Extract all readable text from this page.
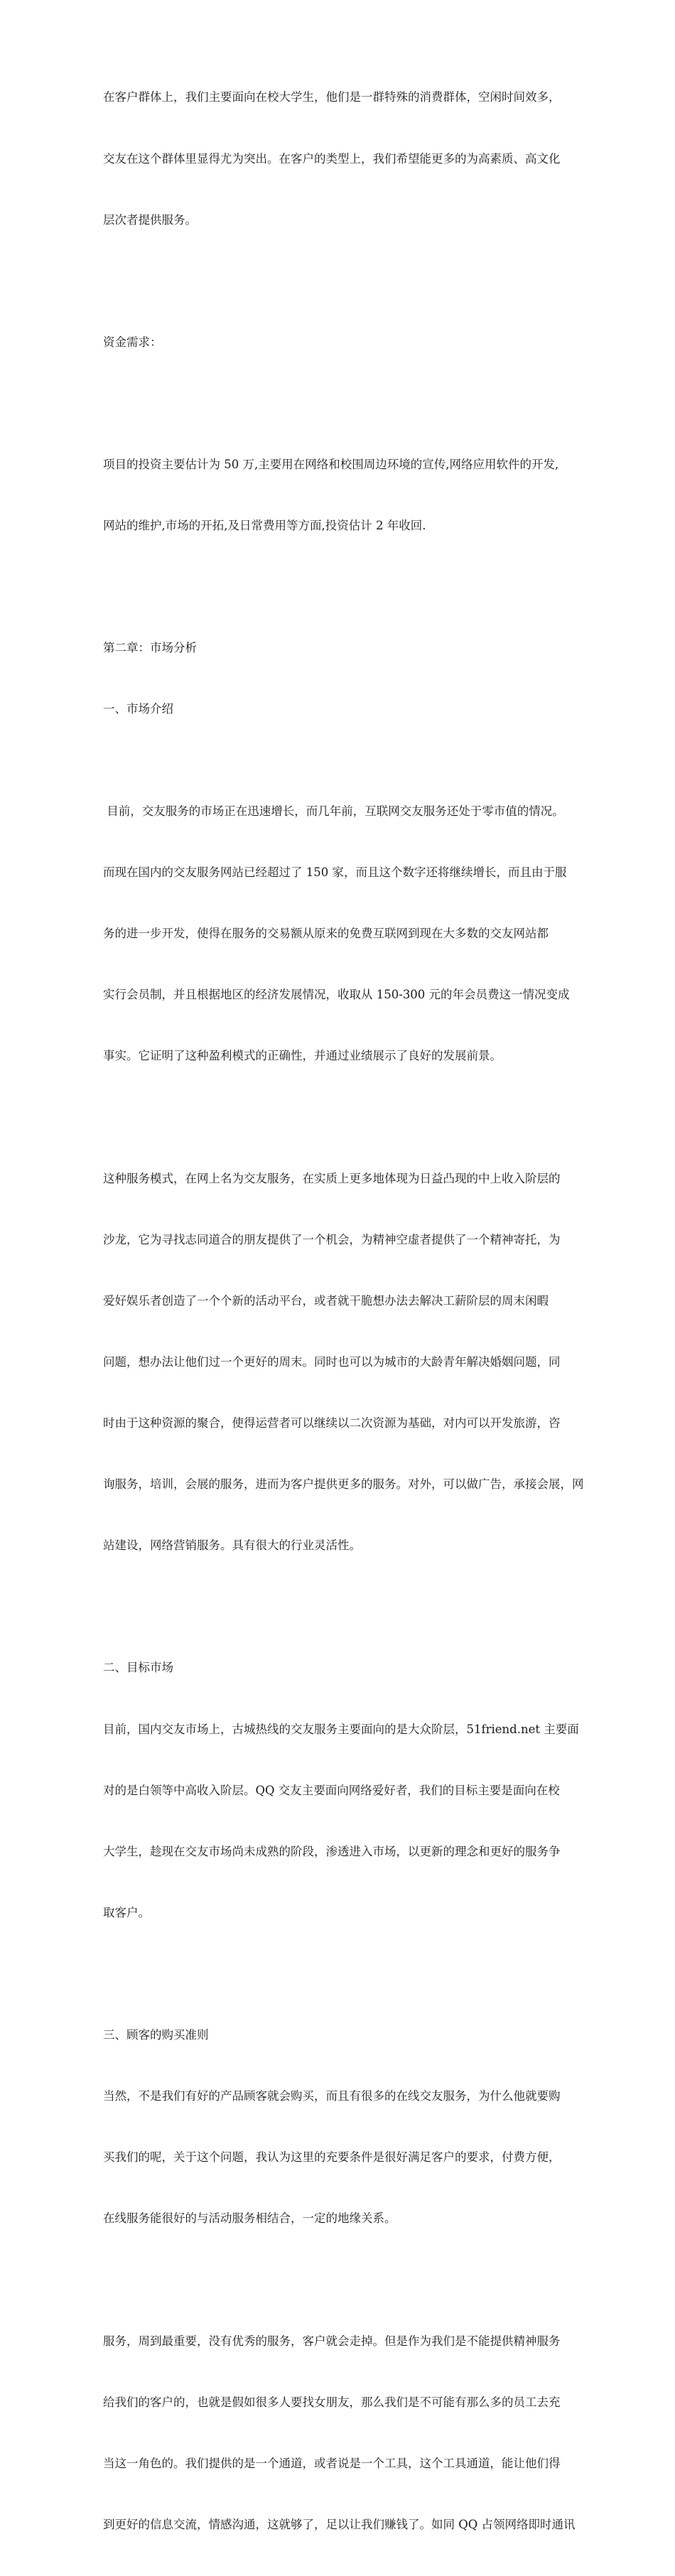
在客户群体上，我们主要面向在校大学生，他们是一群特殊的消费群体，空闲时间效多，

交友在这个群体里显得尤为突出。在客户的类型上，我们希望能更多的为高素质、高文化

层次者提供服务。

资金需求：

项目的投资主要估计为 50 万,主要用在网络和校围周边环境的宣传,网络应用软件的开发,

网站的维护,市场的开拓,及日常费用等方面,投资估计 2 年收回.

第二章：市场分析

一、市场介绍

目前，交友服务的市场正在迅速增长，而几年前，互联网交友服务还处于零市值的情况。

而现在国内的交友服务网站已经超过了 150 家，而且这个数字还将继续增长，而且由于服

务的进一步开发，使得在服务的交易额从原来的免费互联网到现在大多数的交友网站都

实行会员制，并且根据地区的经济发展情况，收取从 150-300 元的年会员费这一情况变成

事实。它证明了这种盈利模式的正确性，并通过业绩展示了良好的发展前景。

这种服务模式，在网上名为交友服务，在实质上更多地体现为日益凸现的中上收入阶层的

沙龙，它为寻找志同道合的朋友提供了一个机会，为精神空虚者提供了一个精神寄托，为

爱好娱乐者创造了一个个新的活动平台，或者就干脆想办法去解决工薪阶层的周末闲暇

问题，想办法让他们过一个更好的周末。同时也可以为城市的大龄青年解决婚姻问题，同

时由于这种资源的聚合，使得运营者可以继续以二次资源为基础，对内可以开发旅游，咨

询服务，培训，会展的服务，进而为客户提供更多的服务。对外，可以做广告，承接会展，网

站建设，网络营销服务。具有很大的行业灵活性。

二、目标市场

目前，国内交友市场上，古城热线的交友服务主要面向的是大众阶层，51friend.net 主要面

对的是白领等中高收入阶层。QQ 交友主要面向网络爱好者，我们的目标主要是面向在校

大学生，趁现在交友市场尚未成熟的阶段，渗透进入市场，以更新的理念和更好的服务争

取客户。

三、顾客的购买准则

当然，不是我们有好的产品顾客就会购买，而且有很多的在线交友服务，为什么他就要购

买我们的呢，关于这个问题，我认为这里的充要条件是很好满足客户的要求，付费方便，

在线服务能很好的与活动服务相结合，一定的地缘关系。

服务，周到最重要，没有优秀的服务，客户就会走掉。但是作为我们是不能提供精神服务

给我们的客户的，也就是假如很多人要找女朋友，那么我们是不可能有那么多的员工去充

当这一角色的。我们提供的是一个通道，或者说是一个工具，这个工具通道，能让他们得

到更好的信息交流，情感沟通，这就够了，足以让我们赚钱了。如同 QQ 占领网络即时通讯
